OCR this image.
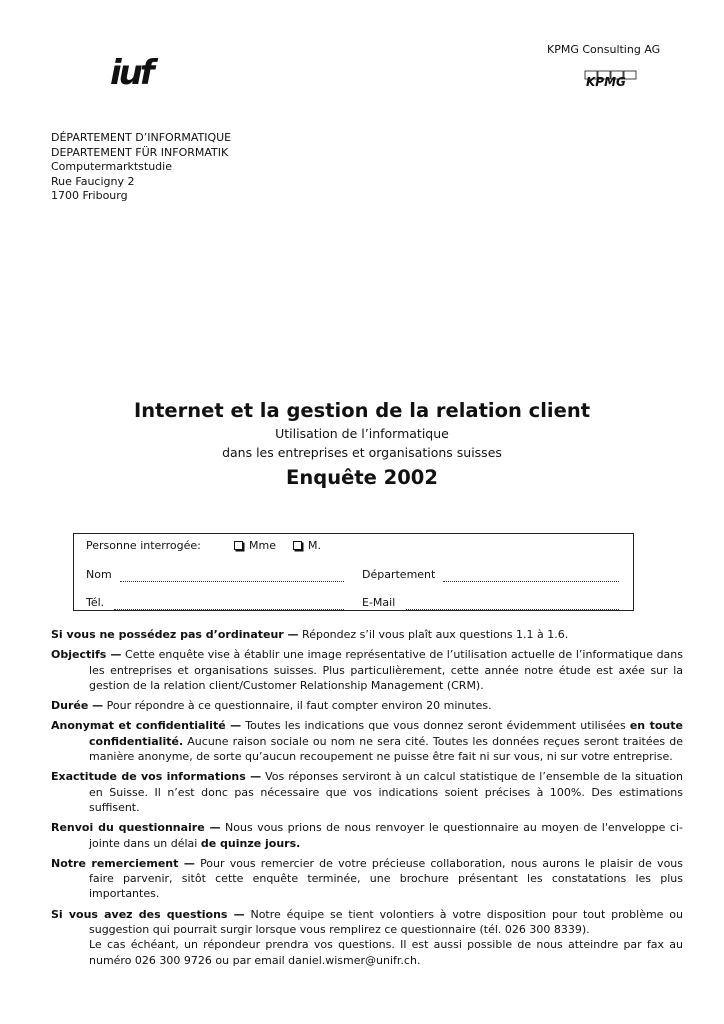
iuf
KPMG Consulting AG
KPMG
DÉPARTEMENT D’INFORMATIQUE
DEPARTEMENT FÜR INFORMATIK
Computermarktstudie
Rue Faucigny 2
1700 Fribourg
Internet et la gestion de la relation client
Utilisation de l’informatique
dans les entreprises et organisations suisses
Enquête 2002
Personne interrogée:	Mme	M.
Nom	Département
Tél.	E-Mail

Si vous ne possédez pas d’ordinateur — Répondez s’il vous plaît aux questions 1.1 à 1.6.

Objectifs — Cette enquête vise à établir une image représentative de l’utilisation actuelle de l’informatique dans les entreprises et organisations suisses. Plus particulièrement, cette année notre étude est axée sur la gestion de la relation client/Customer Relationship Management (CRM).

Durée — Pour répondre à ce questionnaire, il faut compter environ 20 minutes.

Anonymat et confidentialité — Toutes les indications que vous donnez seront évidemment utilisées en toute confidentialité. Aucune raison sociale ou nom ne sera cité. Toutes les données reçues seront traitées de manière anonyme, de sorte qu’aucun recoupement ne puisse être fait ni sur vous, ni sur votre entreprise.

Exactitude de vos informations — Vos réponses serviront à un calcul statistique de l’ensemble de la situation en Suisse. Il n’est donc pas nécessaire que vos indications soient précises à 100%. Des estimations suffisent.

Renvoi du questionnaire — Nous vous prions de nous renvoyer le questionnaire au moyen de l'enveloppe ci-jointe dans un délai de quinze jours.

Notre remerciement — Pour vous remercier de votre précieuse collaboration, nous aurons le plaisir de vous faire parvenir, sitôt cette enquête terminée, une brochure présentant les constatations les plus importantes.

Si vous avez des questions — Notre équipe se tient volontiers à votre disposition pour tout problème ou suggestion qui pourrait surgir lorsque vous remplirez ce questionnaire (tél. 026 300 8339).
Le cas échéant, un répondeur prendra vos questions. Il est aussi possible de nous atteindre par fax au numéro 026 300 9726 ou par email daniel.wismer@unifr.ch.
